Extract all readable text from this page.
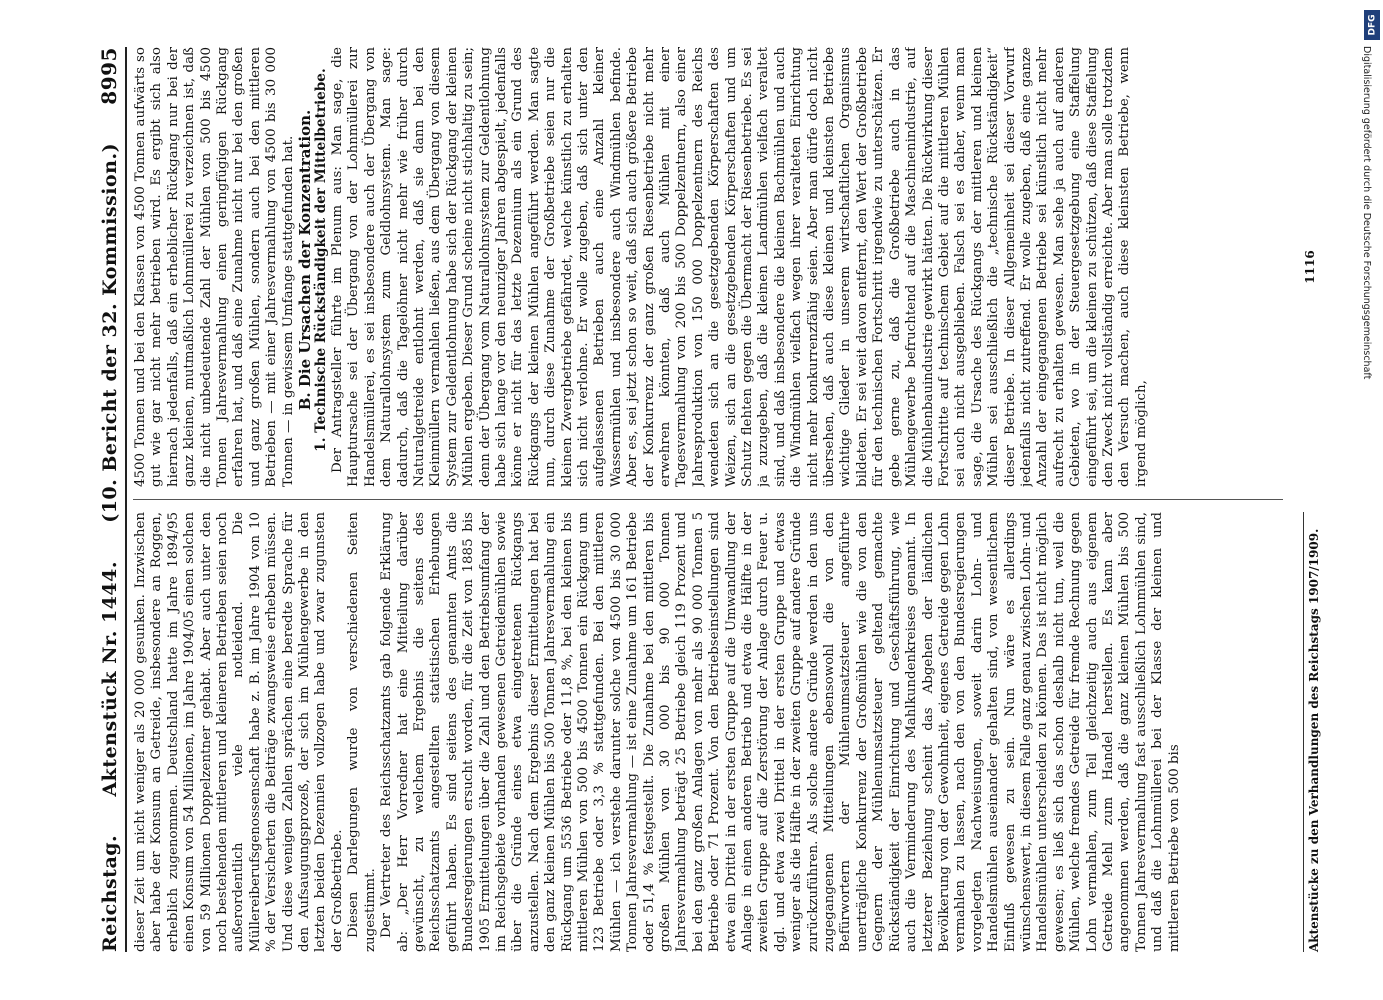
Reichstag.
Aktenstück Nr. 1444.
(10. Bericht der 32. Kommission.)
8995

dieser Zeit um nicht weniger als 20 000 gesunken. Inzwischen aber habe der Konsum an Getreide, insbesondere an Roggen, erheblich zugenommen. Deutschland hatte im Jahre 1894/95 einen Konsum von 54 Millionen, im Jahre 1904/05 einen solchen von 59 Millionen Doppelzentner gehabt. Aber auch unter den noch bestehenden mittleren und kleineren Betrieben seien noch außerordentlich viele notleidend. Die Müllereiberufsgenossenschaft habe z. B. im Jahre 1904 von 10 % der Versicherten die Beiträge zwangsweise erheben müssen. Und diese wenigen Zahlen sprächen eine beredte Sprache für den Aufsaugungsprozeß, der sich im Mühlengewerbe in den letzten beiden Dezennien vollzogen habe und zwar zugunsten der Großbetriebe. Diesen Darlegungen wurde von verschiedenen Seiten zugestimmt. Der Vertreter des Reichsschatzamts gab folgende Erklärung ab: „Der Herr Vorredner hat eine Mitteilung darüber gewünscht, zu welchem Ergebnis die seitens des Reichsschatzamts angestellten statistischen Erhebungen geführt haben. Es sind seitens des genannten Amts die Bundesregierungen ersucht worden, für die Zeit von 1885 bis 1905 Ermittelungen über die Zahl und den Betriebsumfang der im Reichsgebiete vorhanden gewesenen Getreidemühlen sowie über die Gründe eines etwa eingetretenen Rückgangs anzustellen. Nach dem Ergebnis dieser Ermittelungen hat bei den ganz kleinen Mühlen bis 500 Tonnen Jahresvermahlung ein Rückgang um 5536 Betriebe oder 11,8 %, bei den kleinen bis mittleren Mühlen von 500 bis 4500 Tonnen ein Rückgang um 123 Betriebe oder 3,3 % stattgefunden. Bei den mittleren Mühlen — ich verstehe darunter solche von 4500 bis 30 000 Tonnen Jahresvermahlung — ist eine Zunahme um 161 Betriebe oder 51,4 % festgestellt. Die Zunahme bei den mittleren bis großen Mühlen von 30 000 bis 90 000 Tonnen Jahresvermahlung beträgt 25 Betriebe gleich 119 Prozent und bei den ganz großen Anlagen von mehr als 90 000 Tonnen 5 Betriebe oder 71 Prozent. Von den Betriebseinstellungen sind etwa ein Drittel in der ersten Gruppe auf die Umwandlung der Anlage in einen anderen Betrieb und etwa die Hälfte in der zweiten Gruppe auf die Zerstörung der Anlage durch Feuer u. dgl. und etwa zwei Drittel in der ersten Gruppe und etwas weniger als die Hälfte in der zweiten Gruppe auf andere Gründe zurückzuführen. Als solche andere Gründe werden in den uns zugegangenen Mitteilungen ebensowohl die von den Befürwortern der Mühlenumsatzsteuer angeführte unerträgliche Konkurrenz der Großmühlen wie die von den Gegnern der Mühlenumsatzsteuer geltend gemachte Rückständigkeit der Einrichtung und Geschäftsführung, wie auch die Verminderung des Mahlkundenkreises genannt. In letzterer Beziehung scheint das Abgehen der ländlichen Bevölkerung von der Gewohnheit, eigenes Getreide gegen Lohn vermahlen zu lassen, nach den von den Bundesregierungen vorgelegten Nachweisungen, soweit darin Lohn- und Handelsmühlen auseinander gehalten sind, von wesentlichem Einfluß gewesen zu sein. Nun wäre es allerdings wünschenswert, in diesem Falle ganz genau zwischen Lohn- und Handelsmühlen unterscheiden zu können. Das ist nicht möglich gewesen; es ließ sich das schon deshalb nicht tun, weil die Mühlen, welche fremdes Getreide für fremde Rechnung gegen Lohn vermahlen, zum Teil gleichzeitig auch aus eigenem Getreide Mehl zum Handel herstellen. Es kann aber angenommen werden, daß die ganz kleinen Mühlen bis 500 Tonnen Jahresvermahlung fast ausschließlich Lohnmühlen sind, und daß die Lohnmüllerei bei der Klasse der kleinen und mittleren Betriebe von 500 bis

4500 Tonnen und bei den Klassen von 4500 Tonnen aufwärts so gut wie gar nicht mehr betrieben wird. Es ergibt sich also hiernach jedenfalls, daß ein erheblicher Rückgang nur bei der ganz kleinen, mutmaßlich Lohnmüllerei zu verzeichnen ist, daß die nicht unbedeutende Zahl der Mühlen von 500 bis 4500 Tonnen Jahresvermahlung einen geringfügigen Rückgang erfahren hat, und daß eine Zunahme nicht nur bei den großen und ganz großen Mühlen, sondern auch bei den mittleren Betrieben — mit einer Jahresvermahlung von 4500 bis 30 000 Tonnen — in gewissem Umfange stattgefunden hat. B. Die Ursachen der Konzentration. 1. Technische Rückständigkeit der Mittelbetriebe. Der Antragsteller führte im Plenum aus: Man sage, die Hauptursache sei der Übergang von der Lohnmüllerei zur Handelsmüllerei, es sei insbesondere auch der Übergang von dem Naturallohnsystem zum Geldlohnsystem. Man sage: dadurch, daß die Tagelöhner nicht mehr wie früher durch Naturalgetreide entlohnt werden, daß sie dann bei den Kleinmüllern vermahlen ließen, aus dem Übergang von diesem System zur Geldentlohnung habe sich der Rückgang der kleinen Mühlen ergeben. Dieser Grund scheine nicht stichhaltig zu sein; denn der Übergang vom Naturallohnsystem zur Geldentlohnung habe sich lange vor den neunziger Jahren abgespielt, jedenfalls könne er nicht für das letzte Dezennium als ein Grund des Rückgangs der kleinen Mühlen angeführt werden. Man sagte nun, durch diese Zunahme der Großbetriebe seien nur die kleinen Zwergbetriebe gefährdet, welche künstlich zu erhalten sich nicht verlohne. Er wolle zugeben, daß sich unter den aufgelassenen Betrieben auch eine Anzahl kleiner Wassermühlen und insbesondere auch Windmühlen befinde. Aber es, sei jetzt schon so weit, daß sich auch größere Betriebe der Konkurrenz der ganz großen Riesenbetriebe nicht mehr erwehren könnten, daß auch Mühlen mit einer Tagesvermahlung von 200 bis 500 Doppelzentnern, also einer Jahresproduktion von 150 000 Doppelzentnern des Reichs wendeten sich an die gesetzgebenden Körperschaften des Weizen, sich an die gesetzgebenden Körperschaften und um Schutz flehten gegen die Übermacht der Riesenbetriebe. Es sei ja zuzugeben, daß die kleinen Landmühlen vielfach veraltet sind, und daß insbesondere die kleinen Bachmühlen und auch die Windmühlen vielfach wegen ihrer veralteten Einrichtung nicht mehr konkurrenzfähig seien. Aber man dürfe doch nicht übersehen, daß auch diese kleinen und kleinsten Betriebe wichtige Glieder in unserem wirtschaftlichen Organismus bildeten. Er sei weit davon entfernt, den Wert der Großbetriebe für den technischen Fortschritt irgendwie zu unterschätzen. Er gebe gerne zu, daß die Großbetriebe auch in das Mühlengewerbe befruchtend auf die Maschinenindustrie, auf die Mühlenbauindustrie gewirkt hätten. Die Rückwirkung dieser Fortschritte auf technischem Gebiet auf die mittleren Mühlen sei auch nicht ausgeblieben. Falsch sei es daher, wenn man sage, die Ursache des Rückgangs der mittleren und kleinen Mühlen sei ausschließlich die „technische Rückständigkeit“ dieser Betriebe. In dieser Allgemeinheit sei dieser Vorwurf jedenfalls nicht zutreffend. Er wolle zugeben, daß eine ganze Anzahl der eingegangenen Betriebe sei künstlich nicht mehr aufrecht zu erhalten gewesen. Man sehe ja auch auf anderen Gebieten, wo in der Steuergesetzgebung eine Staffelung eingeführt sei, um die kleinen zu schützen, daß diese Staffelung den Zweck nicht vollständig erreichte. Aber man solle trotzdem den Versuch machen, auch diese kleinsten Betriebe, wenn irgend möglich,

Aktenstücke zu den Verhandlungen des Reichstags 1907/1909.
1116
DFG
Digitalisierung gefördert durch die Deutsche Forschungsgemeinschaft
